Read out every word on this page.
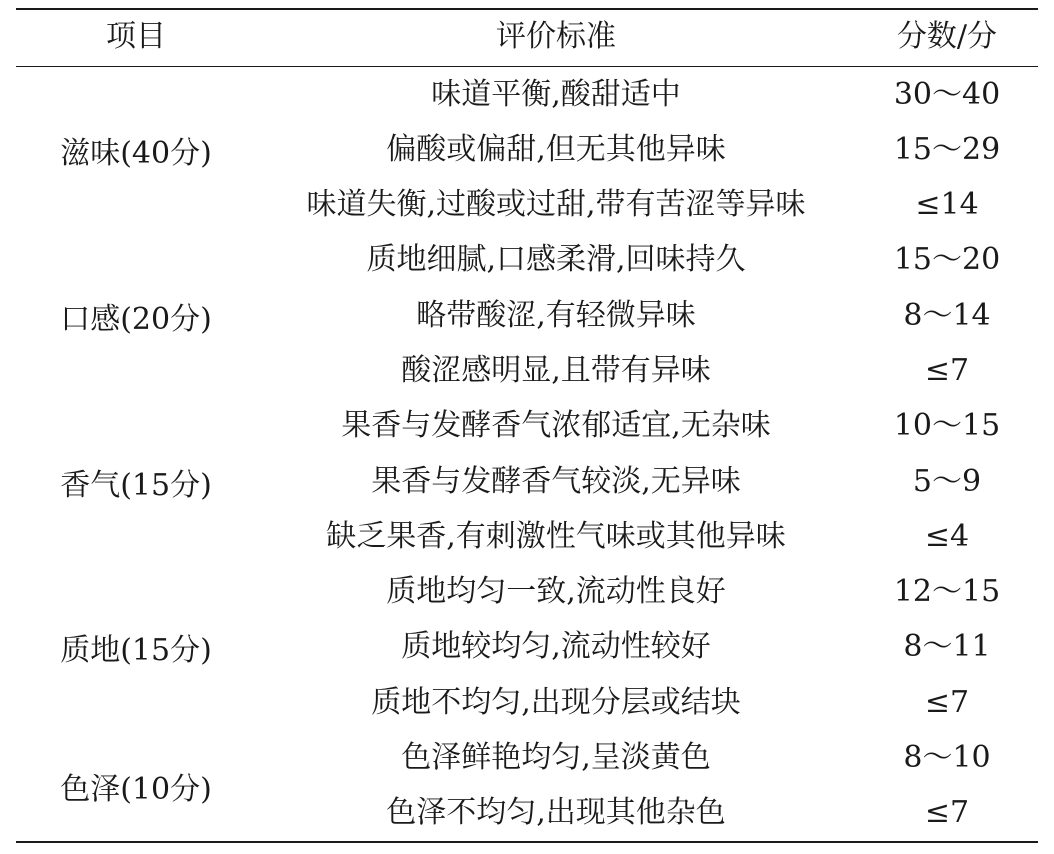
项目	评价标准	分数/分
滋味(40分)
味道平衡,酸甜适中	30～40
偏酸或偏甜,但无其他异味	15～29
味道失衡,过酸或过甜,带有苦涩等异味	≤14
口感(20分)
质地细腻,口感柔滑,回味持久	15～20
略带酸涩,有轻微异味	8～14
酸涩感明显,且带有异味	≤7
香气(15分)
果香与发酵香气浓郁适宜,无杂味	10～15
果香与发酵香气较淡,无异味	5～9
缺乏果香,有刺激性气味或其他异味	≤4
质地(15分)
质地均匀一致,流动性良好	12～15
质地较均匀,流动性较好	8～11
质地不均匀,出现分层或结块	≤7
色泽(10分)
色泽鲜艳均匀,呈淡黄色	8～10
色泽不均匀,出现其他杂色	≤7
